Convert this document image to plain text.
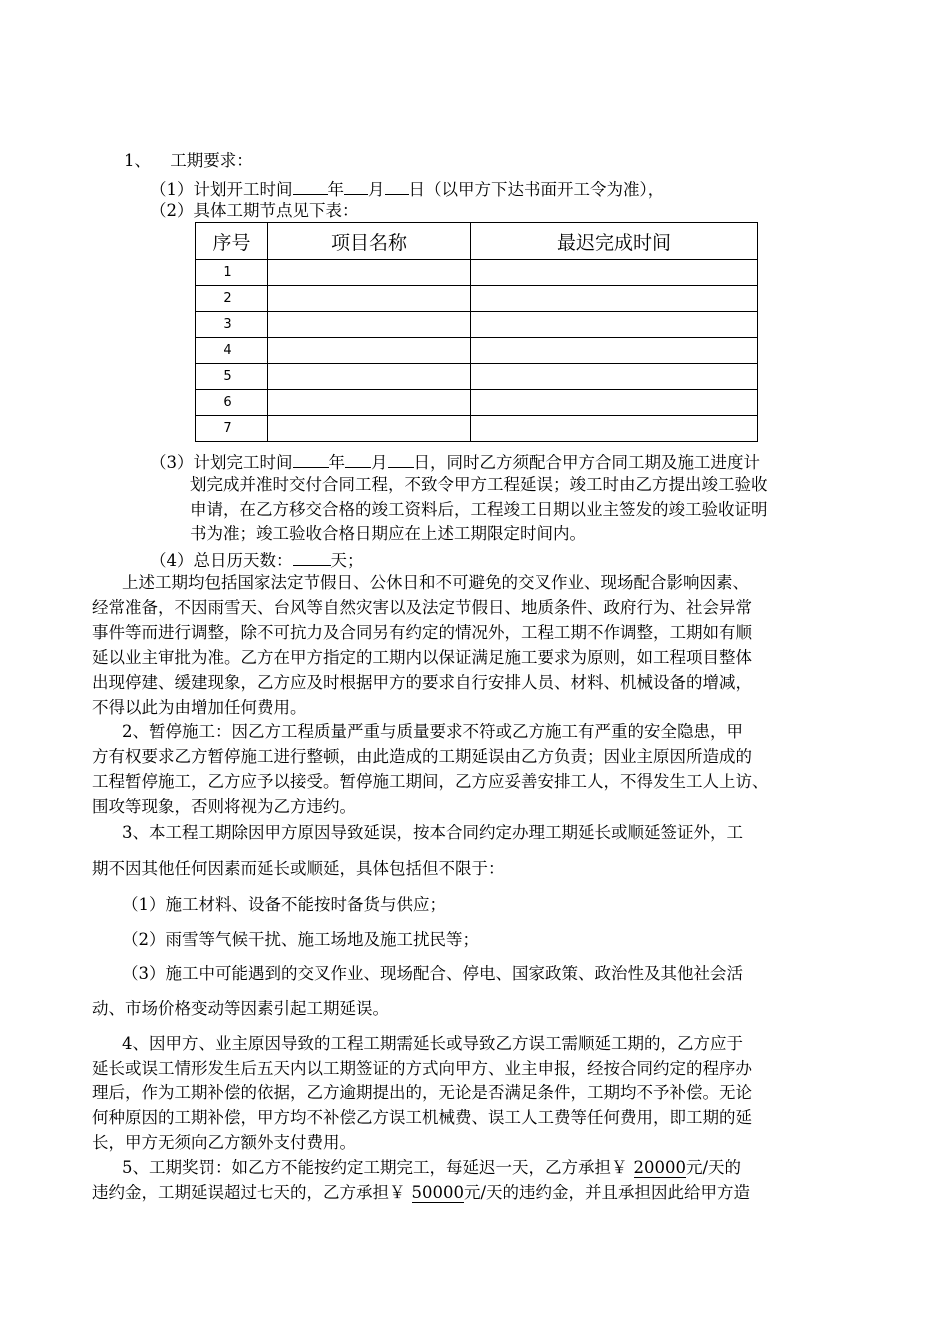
1、 工期要求：
（1）计划开工时间 年 月 日（以甲方下达书面开工令为准），
（2）具体工期节点见下表：
序号	项目名称	最迟完成时间
1		
2		
3		
4		
5		
6		
7		
（3）计划完工时间 年 月 日，同时乙方须配合甲方合同工期及施工进度计
划完成并准时交付合同工程，不致令甲方工程延误；竣工时由乙方提出竣工验收
申请，在乙方移交合格的竣工资料后，工程竣工日期以业主签发的竣工验收证明
书为准；竣工验收合格日期应在上述工期限定时间内。
（4）总日历天数： 天；
上述工期均包括国家法定节假日、公休日和不可避免的交叉作业、现场配合影响因素、
经常准备，不因雨雪天、台风等自然灾害以及法定节假日、地质条件、政府行为、社会异常
事件等而进行调整，除不可抗力及合同另有约定的情况外，工程工期不作调整，工期如有顺
延以业主审批为准。乙方在甲方指定的工期内以保证满足施工要求为原则，如工程项目整体
出现停建、缓建现象，乙方应及时根据甲方的要求自行安排人员、材料、机械设备的增减，
不得以此为由增加任何费用。
2、暂停施工：因乙方工程质量严重与质量要求不符或乙方施工有严重的安全隐患，甲
方有权要求乙方暂停施工进行整顿，由此造成的工期延误由乙方负责；因业主原因所造成的
工程暂停施工，乙方应予以接受。暂停施工期间，乙方应妥善安排工人，不得发生工人上访、
围攻等现象，否则将视为乙方违约。
3、本工程工期除因甲方原因导致延误，按本合同约定办理工期延长或顺延签证外，工
期不因其他任何因素而延长或顺延，具体包括但不限于：
（1）施工材料、设备不能按时备货与供应；
（2）雨雪等气候干扰、施工场地及施工扰民等；
（3）施工中可能遇到的交叉作业、现场配合、停电、国家政策、政治性及其他社会活
动、市场价格变动等因素引起工期延误。
4、因甲方、业主原因导致的工程工期需延长或导致乙方误工需顺延工期的，乙方应于
延长或误工情形发生后五天内以工期签证的方式向甲方、业主申报，经按合同约定的程序办
理后，作为工期补偿的依据，乙方逾期提出的，无论是否满足条件，工期均不予补偿。无论
何种原因的工期补偿，甲方均不补偿乙方误工机械费、误工人工费等任何费用，即工期的延
长，甲方无须向乙方额外支付费用。
5、工期奖罚：如乙方不能按约定工期完工，每延迟一天，乙方承担￥ 20000元/天的
违约金，工期延误超过七天的，乙方承担￥ 50000元/天的违约金，并且承担因此给甲方造
